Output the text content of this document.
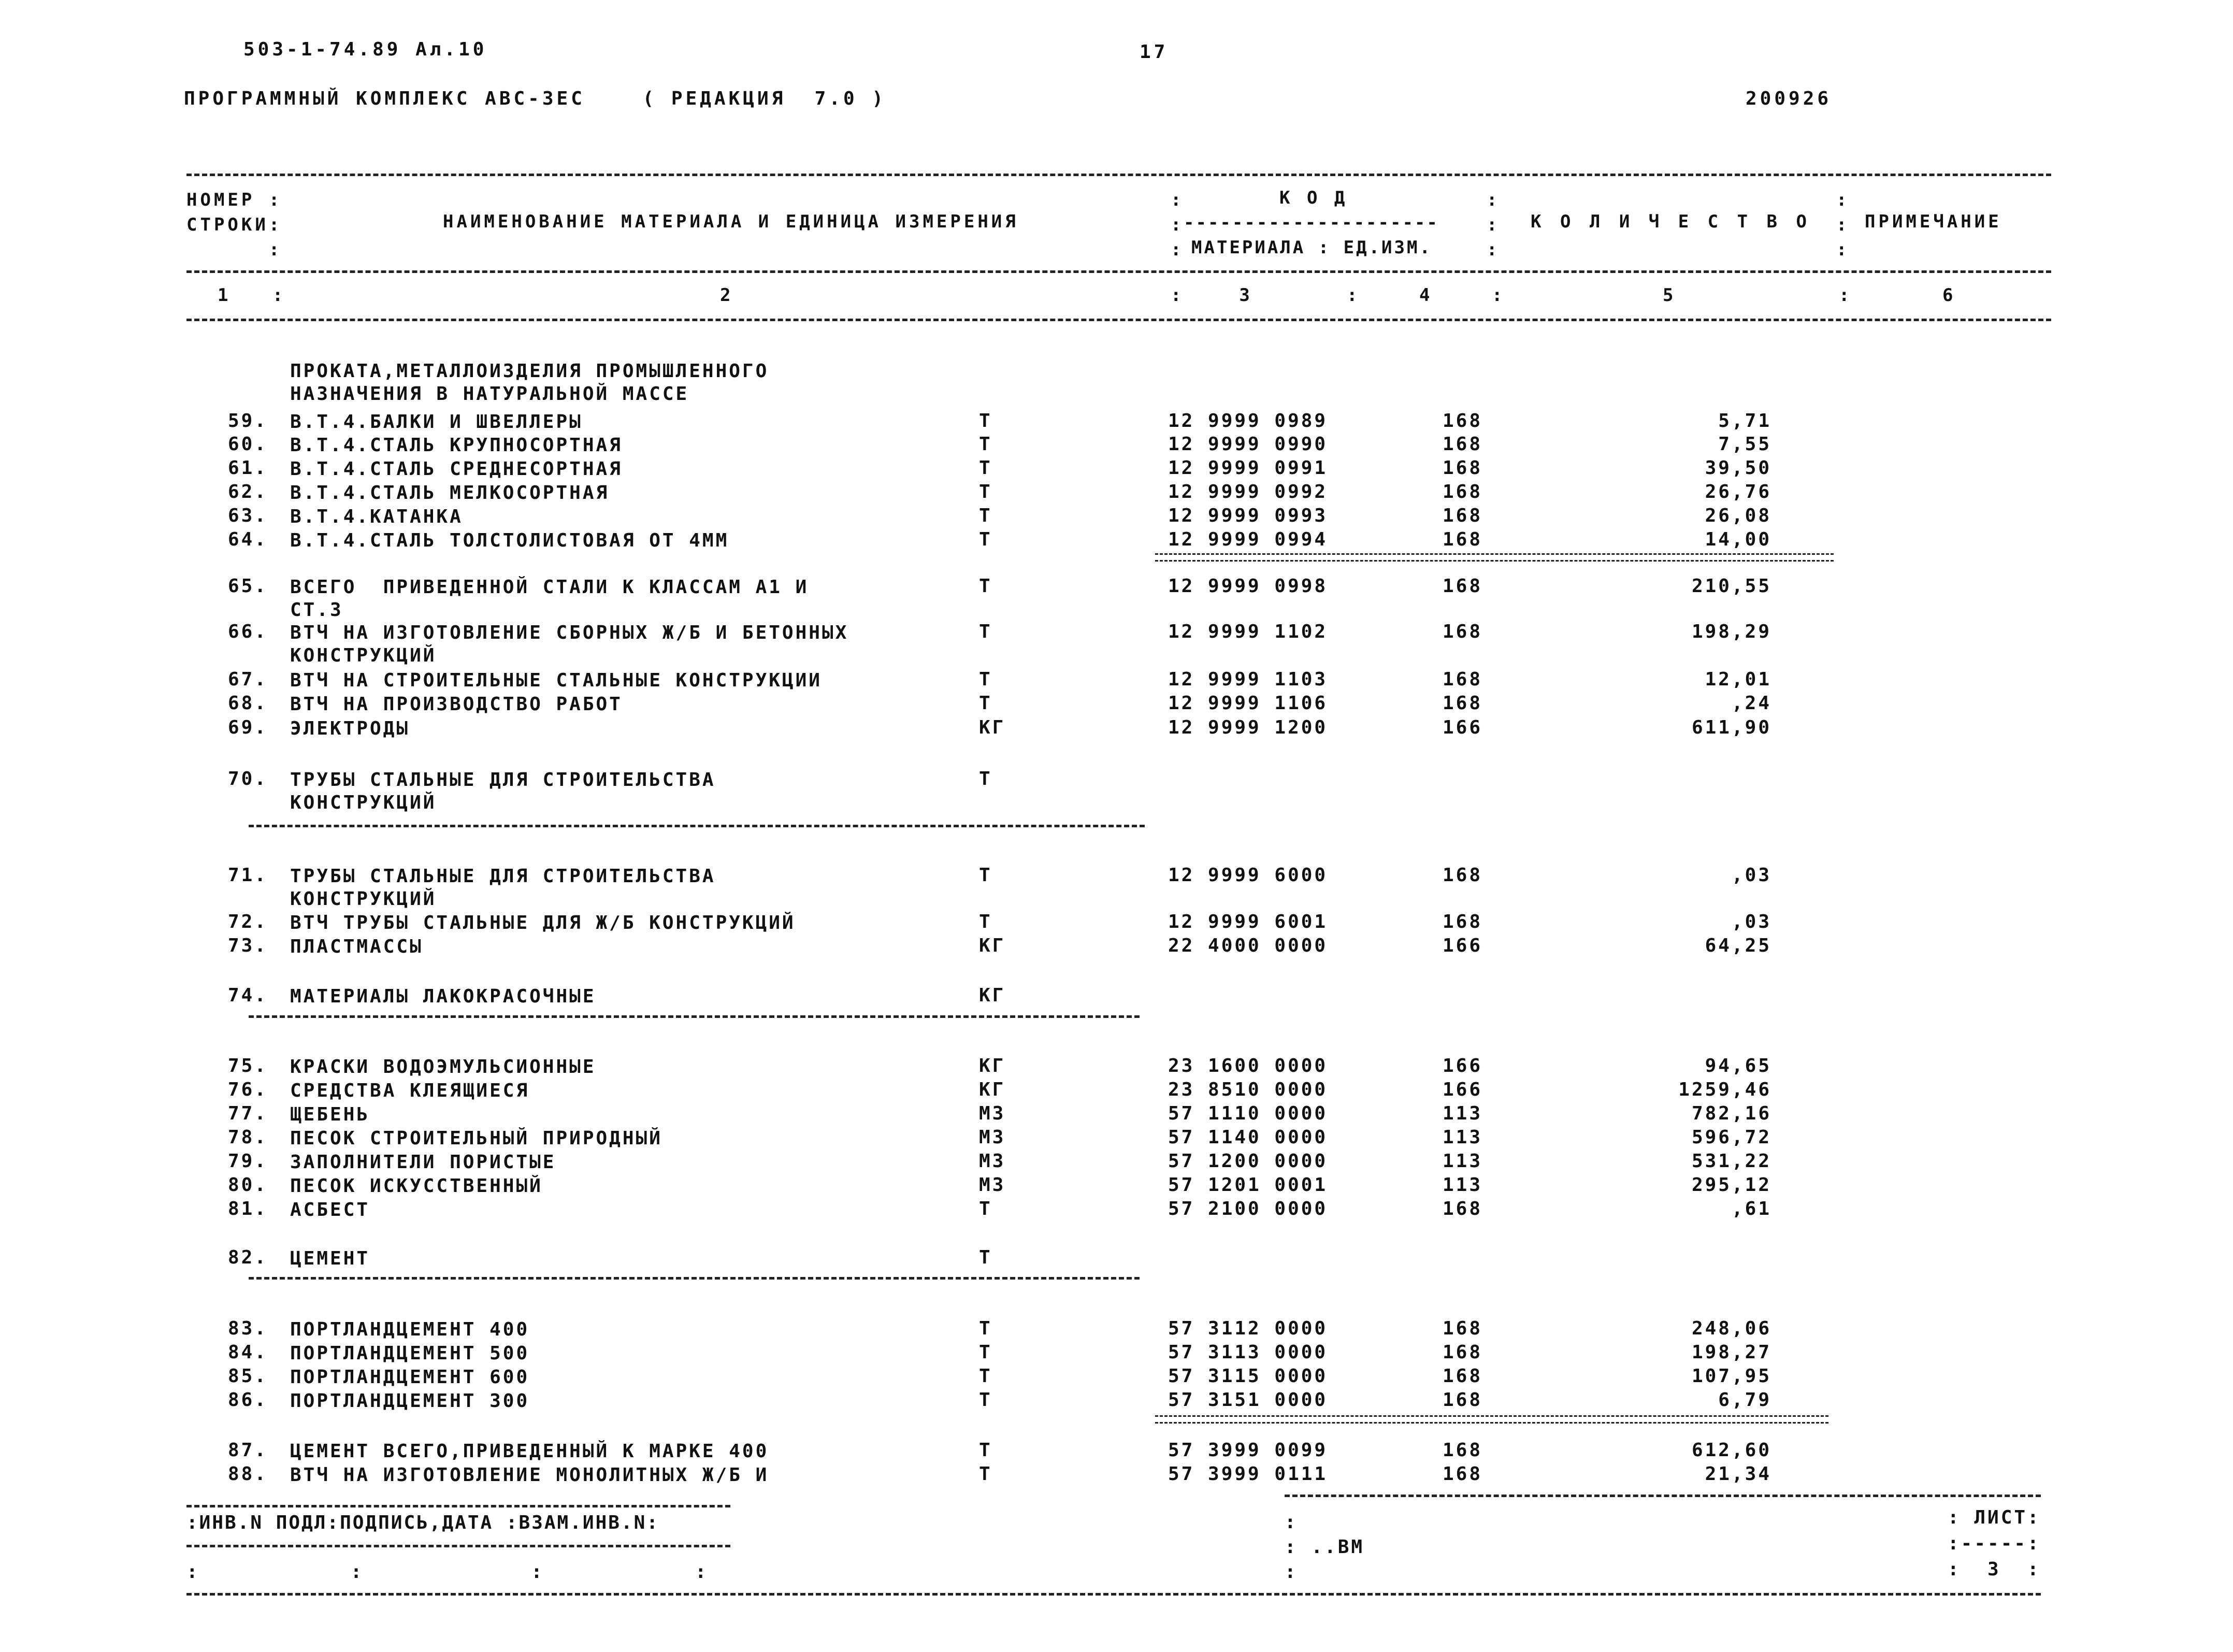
503-1-74.89 Ал.10	17
ПРОГРАММНЫЙ КОМПЛЕКС АВС-ЗЕС    ( РЕДАКЦИЯ  7.0 )	200926
НОМЕР :
СТРОКИ:
:
НАИМЕНОВАНИЕ МАТЕРИАЛА И ЕДИНИЦА ИЗМЕРЕНИЯ
:
:
:
К О Д
---------------------
МАТЕРИАЛА : ЕД.ИЗМ.
:
:
:
К О Л И Ч Е С Т В О
:
:
:
ПРИМЕЧАНИЕ
1   :	2	:    3	:	4	:	5	:	6
ПРОКАТА,МЕТАЛЛОИЗДЕЛИЯ ПРОМЫШЛЕННОГО
НАЗНАЧЕНИЯ В НАТУРАЛЬНОЙ МАССЕ
59. В.Т.4.БАЛКИ И ШВЕЛЛЕРЫ	Т	12 9999 0989	168	5,71
60. В.Т.4.СТАЛЬ КРУПНОСОРТНАЯ	Т	12 9999 0990	168	7,55
61. В.Т.4.СТАЛЬ СРЕДНЕСОРТНАЯ	Т	12 9999 0991	168	39,50
62. В.Т.4.СТАЛЬ МЕЛКОСОРТНАЯ	Т	12 9999 0992	168	26,76
63. В.Т.4.КАТАНКА	Т	12 9999 0993	168	26,08
64. В.Т.4.СТАЛЬ ТОЛСТОЛИСТОВАЯ ОТ 4ММ	Т	12 9999 0994	168	14,00
65. ВСЕГО  ПРИВЕДЕННОЙ СТАЛИ К КЛАССАМ А1 И
СТ.3
Т	12 9999 0998	168	210,55
66. ВТЧ НА ИЗГОТОВЛЕНИЕ СБОРНЫХ Ж/Б И БЕТОННЫХ
КОНСТРУКЦИЙ
Т	12 9999 1102	168	198,29
67. ВТЧ НА СТРОИТЕЛЬНЫЕ СТАЛЬНЫЕ КОНСТРУКЦИИ	Т	12 9999 1103	168	12,01
68. ВТЧ НА ПРОИЗВОДСТВО РАБОТ	Т	12 9999 1106	168	,24
69. ЭЛЕКТРОДЫ	КГ	12 9999 1200	166	611,90
70. ТРУБЫ СТАЛЬНЫЕ ДЛЯ СТРОИТЕЛЬСТВА
КОНСТРУКЦИЙ
Т
71. ТРУБЫ СТАЛЬНЫЕ ДЛЯ СТРОИТЕЛЬСТВА
КОНСТРУКЦИЙ
Т	12 9999 6000	168	,03
72. ВТЧ ТРУБЫ СТАЛЬНЫЕ ДЛЯ Ж/Б КОНСТРУКЦИЙ	Т	12 9999 6001	168	,03
73. ПЛАСТМАССЫ	КГ	22 4000 0000	166	64,25
74. МАТЕРИАЛЫ ЛАКОКРАСОЧНЫЕ	КГ
75. КРАСКИ ВОДОЭМУЛЬСИОННЫЕ	КГ	23 1600 0000	166	94,65
76. СРЕДСТВА КЛЕЯЩИЕСЯ	КГ	23 8510 0000	166	1259,46
77. ЩЕБЕНЬ	М3	57 1110 0000	113	782,16
78. ПЕСОК СТРОИТЕЛЬНЫЙ ПРИРОДНЫЙ	М3	57 1140 0000	113	596,72
79. ЗАПОЛНИТЕЛИ ПОРИСТЫЕ	М3	57 1200 0000	113	531,22
80. ПЕСОК ИСКУССТВЕННЫЙ	М3	57 1201 0001	113	295,12
81. АСБЕСТ	Т	57 2100 0000	168	,61
82. ЦЕМЕНТ	Т
83. ПОРТЛАНДЦЕМЕНТ 400	Т	57 3112 0000	168	248,06
84. ПОРТЛАНДЦЕМЕНТ 500	Т	57 3113 0000	168	198,27
85. ПОРТЛАНДЦЕМЕНТ 600	Т	57 3115 0000	168	107,95
86. ПОРТЛАНДЦЕМЕНТ 300	Т	57 3151 0000	168	6,79
87. ЦЕМЕНТ ВСЕГО,ПРИВЕДЕННЫЙ К МАРКЕ 400	Т	57 3999 0099	168	612,60
88. ВТЧ НА ИЗГОТОВЛЕНИЕ МОНОЛИТНЫХ Ж/Б И	Т	57 3999 0111	168	21,34
:ИНВ.N ПОДЛ:ПОДПИСЬ,ДАТА :ВЗАМ.ИНВ.N:
:         :          :         :
:
: ..ВМ
:
: ЛИСТ:
:-----:
:  3  :
